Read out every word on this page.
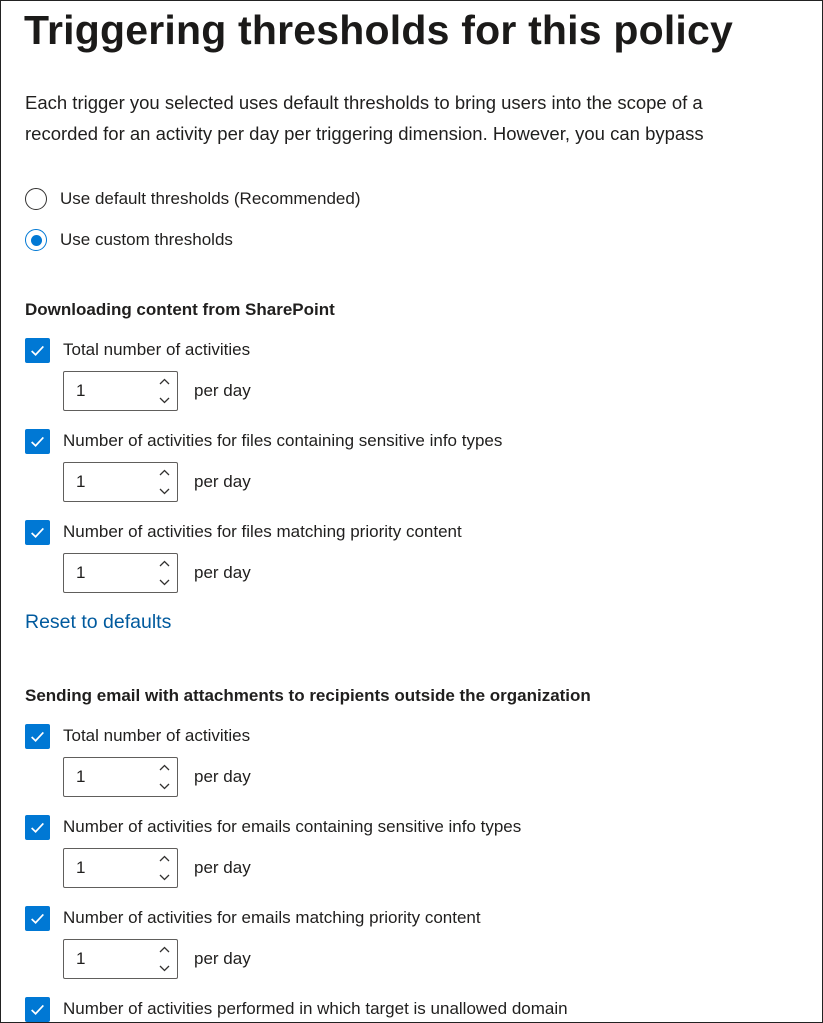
Triggering thresholds for this policy
Each trigger you selected uses default thresholds to bring users into the scope of a
recorded for an activity per day per triggering dimension. However, you can bypass
Use default thresholds (Recommended)
Use custom thresholds
Downloading content from SharePoint
Total number of activities
1
per day
Number of activities for files containing sensitive info types
1
per day
Number of activities for files matching priority content
1
per day
Reset to defaults
Sending email with attachments to recipients outside the organization
Total number of activities
1
per day
Number of activities for emails containing sensitive info types
1
per day
Number of activities for emails matching priority content
1
per day
Number of activities performed in which target is unallowed domain
